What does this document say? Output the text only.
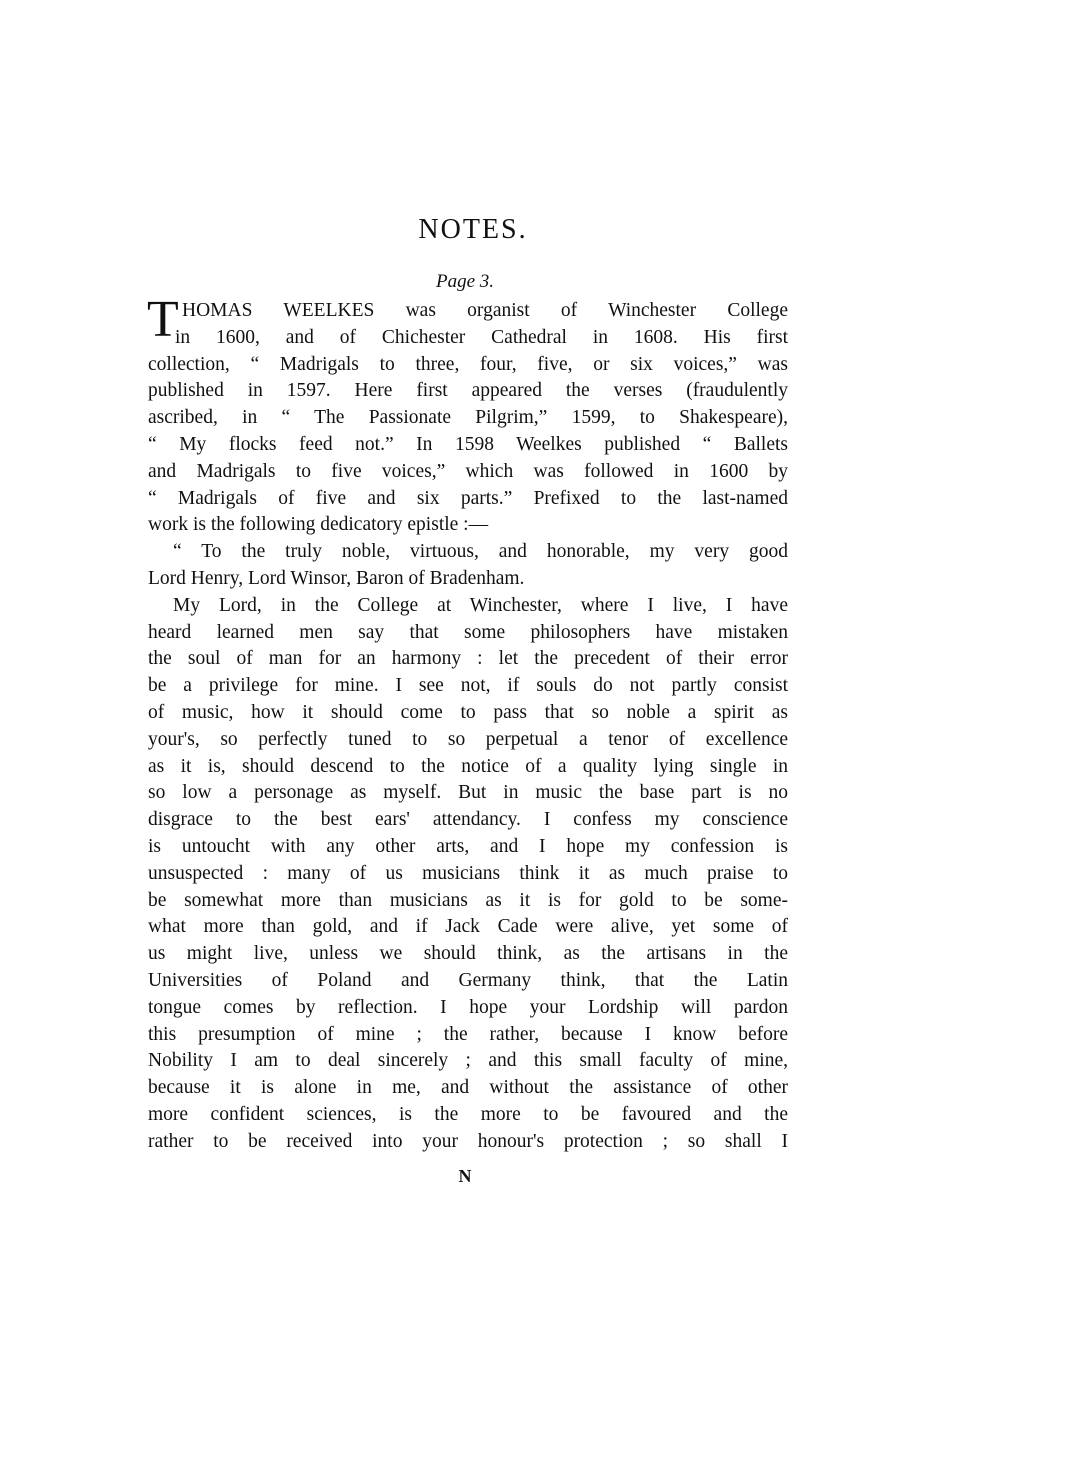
NOTES.
Page 3.
T HOMAS WEELKES was organist of Winchester College
in 1600, and of Chichester Cathedral in 1608. His first
collection, “ Madrigals to three, four, five, or six voices,” was
published in 1597. Here first appeared the verses (fraudulently
ascribed, in “ The Passionate Pilgrim,” 1599, to Shakespeare),
“ My flocks feed not.” In 1598 Weelkes published “ Ballets
and Madrigals to five voices,” which was followed in 1600 by
“ Madrigals of five and six parts.” Prefixed to the last-named
work is the following dedicatory epistle :—
“ To the truly noble, virtuous, and honorable, my very good
Lord Henry, Lord Winsor, Baron of Bradenham.
My Lord, in the College at Winchester, where I live, I have
heard learned men say that some philosophers have mistaken
the soul of man for an harmony : let the precedent of their error
be a privilege for mine. I see not, if souls do not partly consist
of music, how it should come to pass that so noble a spirit as
your's, so perfectly tuned to so perpetual a tenor of excellence
as it is, should descend to the notice of a quality lying single in
so low a personage as myself. But in music the base part is no
disgrace to the best ears' attendancy. I confess my conscience
is untoucht with any other arts, and I hope my confession is
unsuspected : many of us musicians think it as much praise to
be somewhat more than musicians as it is for gold to be some-
what more than gold, and if Jack Cade were alive, yet some of
us might live, unless we should think, as the artisans in the
Universities of Poland and Germany think, that the Latin
tongue comes by reflection. I hope your Lordship will pardon
this presumption of mine ; the rather, because I know before
Nobility I am to deal sincerely ; and this small faculty of mine,
because it is alone in me, and without the assistance of other
more confident sciences, is the more to be favoured and the
rather to be received into your honour's protection ; so shall I
N
